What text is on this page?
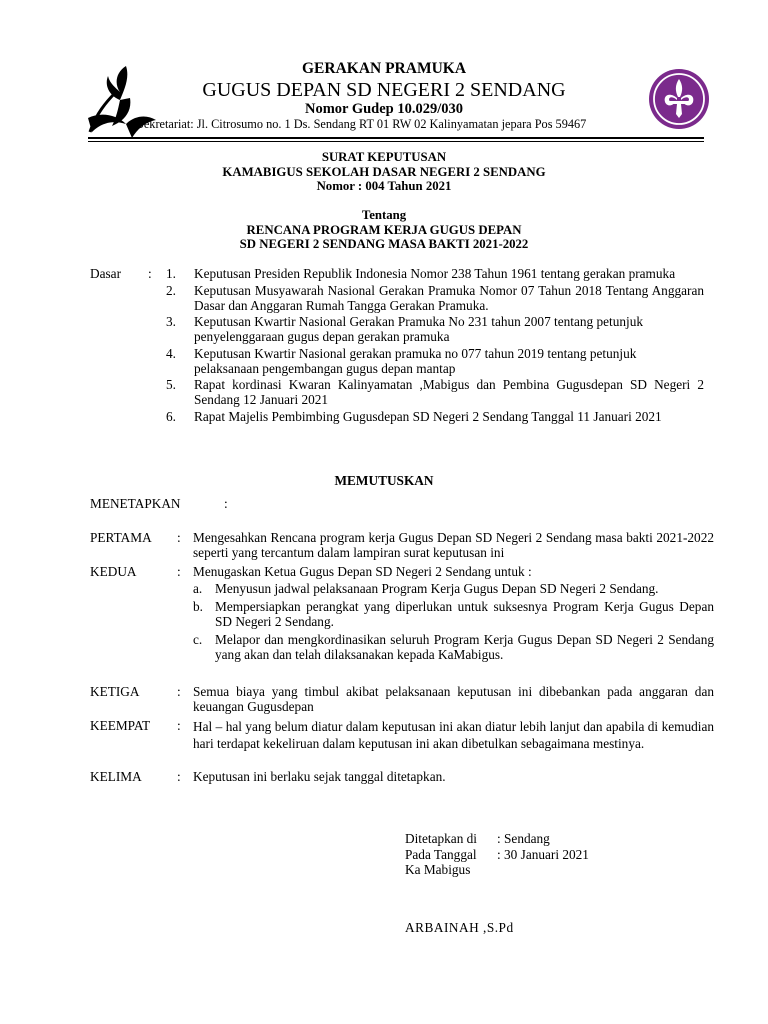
GERAKAN PRAMUKA
GUGUS DEPAN SD NEGERI 2 SENDANG
Nomor Gudep 10.029/030
Sekretariat: Jl. Citrosumo no. 1 Ds. Sendang RT 01 RW 02 Kalinyamatan jepara Pos 59467
SURAT KEPUTUSAN
KAMABIGUS SEKOLAH DASAR NEGERI 2 SENDANG
Nomor : 004 Tahun 2021
Tentang
RENCANA PROGRAM KERJA GUGUS DEPAN
SD NEGERI 2 SENDANG MASA BAKTI 2021-2022
Dasar : 1.	Keputusan Presiden Republik Indonesia Nomor 238 Tahun 1961 tentang gerakan pramuka
2.	Keputusan Musyawarah Nasional Gerakan Pramuka Nomor 07 Tahun 2018 Tentang Anggaran Dasar dan Anggaran Rumah Tangga Gerakan Pramuka.
3.	Keputusan Kwartir Nasional Gerakan Pramuka No 231 tahun 2007 tentang petunjuk penyelenggaraan gugus depan gerakan pramuka
4.	Keputusan Kwartir Nasional gerakan pramuka no 077 tahun 2019 tentang petunjuk pelaksanaan pengembangan gugus depan mantap
5.	Rapat kordinasi Kwaran Kalinyamatan ,Mabigus dan Pembina Gugusdepan SD Negeri 2 Sendang 12 Januari 2021
6.	Rapat Majelis Pembimbing Gugusdepan SD Negeri 2 Sendang Tanggal 11 Januari 2021
MEMUTUSKAN
MENETAPKAN	:
PERTAMA : Mengesahkan Rencana program kerja Gugus Depan SD Negeri 2 Sendang masa bakti 2021-2022 seperti yang tercantum dalam lampiran surat keputusan ini
KEDUA	: Menugaskan Ketua Gugus Depan SD Negeri 2 Sendang untuk :
a. Menyusun jadwal pelaksanaan Program Kerja Gugus Depan SD Negeri 2 Sendang.
b. Mempersiapkan perangkat yang diperlukan untuk suksesnya Program Kerja Gugus Depan SD Negeri 2 Sendang.
c. Melapor dan mengkordinasikan seluruh Program Kerja Gugus Depan SD Negeri 2 Sendang yang akan dan telah dilaksanakan kepada KaMabigus.
KETIGA	: Semua biaya yang timbul akibat pelaksanaan keputusan ini dibebankan pada anggaran dan keuangan Gugusdepan
KEEMPAT : Hal – hal yang belum diatur dalam keputusan ini akan diatur lebih lanjut dan apabila di kemudian hari terdapat kekeliruan dalam keputusan ini akan dibetulkan sebagaimana mestinya.
KELIMA	: Keputusan ini berlaku sejak tanggal ditetapkan.
Ditetapkan di	: Sendang
Pada Tanggal	: 30 Januari 2021
Ka Mabigus	
ARBAINAH ,S.Pd
